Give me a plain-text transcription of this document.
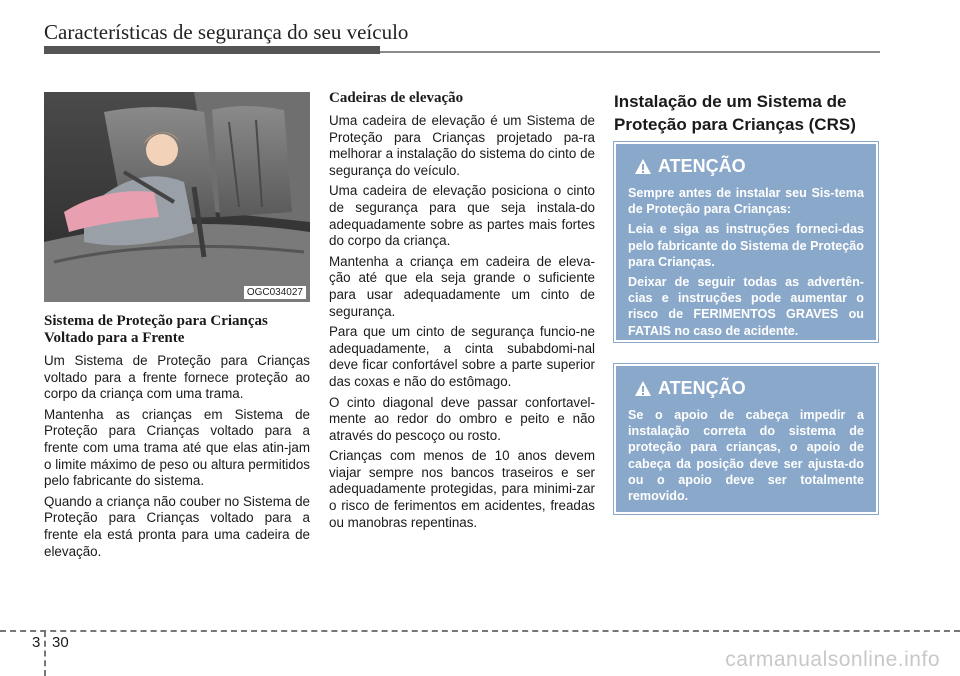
Características de segurança do seu veículo
OGC034027
Sistema de Proteção para Crianças Voltado para a Frente

Um Sistema de Proteção para Crianças voltado para a frente fornece proteção ao corpo da criança com uma trama.

Mantenha as crianças em Sistema de Proteção para Crianças voltado para a frente com uma trama até que elas atin-jam o limite máximo de peso ou altura permitidos pelo fabricante do sistema.

Quando a criança não couber no Sistema de Proteção para Crianças voltado para a frente ela está pronta para uma cadeira de elevação.

Cadeiras de elevação

Uma cadeira de elevação é um Sistema de Proteção para Crianças projetado pa-ra melhorar a instalação do sistema do cinto de segurança do veículo.

Uma cadeira de elevação posiciona o cinto de segurança para que seja instala-do adequadamente sobre as partes mais fortes do corpo da criança.

Mantenha a criança em cadeira de eleva-ção até que ela seja grande o suficiente para usar adequadamente um cinto de segurança.

Para que um cinto de segurança funcio-ne adequadamente, a cinta subabdomi-nal deve ficar confortável sobre a parte superior das coxas e não do estômago.

O cinto diagonal deve passar confortavel-mente ao redor do ombro e peito e não através do pescoço ou rosto.

Crianças com menos de 10 anos devem viajar sempre nos bancos traseiros e ser adequadamente protegidas, para minimi-zar o risco de ferimentos em acidentes, freadas ou manobras repentinas.

Instalação de um Sistema de Proteção para Crianças (CRS)
ATENÇÃO

Sempre antes de instalar seu Sis-tema de Proteção para Crianças:

Leia e siga as instruções forneci-das pelo fabricante do Sistema de Proteção para Crianças.

Deixar de seguir todas as advertên-cias e instruções pode aumentar o risco de FERIMENTOS GRAVES ou FATAIS no caso de acidente.

ATENÇÃO

Se o apoio de cabeça impedir a instalação correta do sistema de proteção para crianças, o apoio de cabeça da posição deve ser ajusta-do ou o apoio deve ser totalmente removido.

3 30
carmanualsonline.info
